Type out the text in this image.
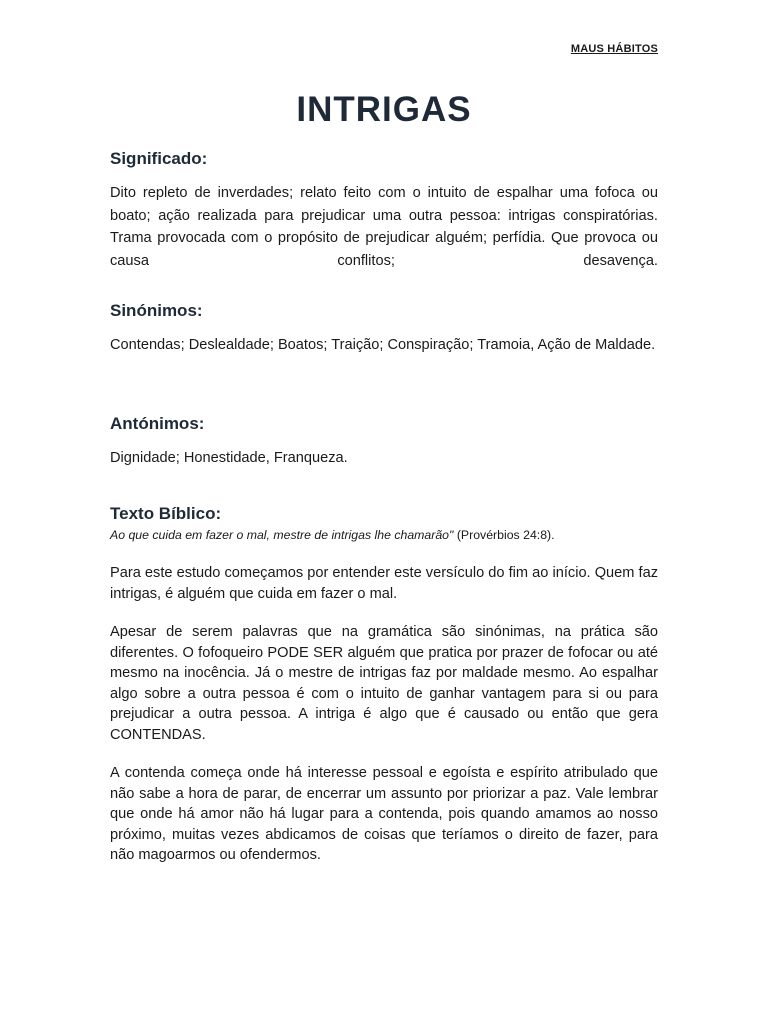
MAUS HÁBITOS
INTRIGAS
Significado:

Dito repleto de inverdades; relato feito com o intuito de espalhar uma fofoca ou boato; ação realizada para prejudicar uma outra pessoa: intrigas conspiratórias. Trama provocada com o propósito de prejudicar alguém; perfídia. Que provoca ou causa conflitos; desavença.

Sinónimos:

Contendas; Deslealdade; Boatos; Traição; Conspiração; Tramoia, Ação de Maldade.

Antónimos:

Dignidade; Honestidade, Franqueza.

Texto Bíblico:

Ao que cuida em fazer o mal, mestre de intrigas lhe chamarão" (Provérbios 24:8).

Para este estudo começamos por entender este versículo do fim ao início. Quem faz intrigas, é alguém que cuida em fazer o mal.

Apesar de serem palavras que na gramática são sinónimas, na prática são diferentes. O fofoqueiro PODE SER alguém que pratica por prazer de fofocar ou até mesmo na inocência. Já o mestre de intrigas faz por maldade mesmo. Ao espalhar algo sobre a outra pessoa é com o intuito de ganhar vantagem para si ou para prejudicar a outra pessoa. A intriga é algo que é causado ou então que gera CONTENDAS.

A contenda começa onde há interesse pessoal e egoísta e espírito atribulado que não sabe a hora de parar, de encerrar um assunto por priorizar a paz. Vale lembrar que onde há amor não há lugar para a contenda, pois quando amamos ao nosso próximo, muitas vezes abdicamos de coisas que teríamos o direito de fazer, para não magoarmos ou ofendermos.
